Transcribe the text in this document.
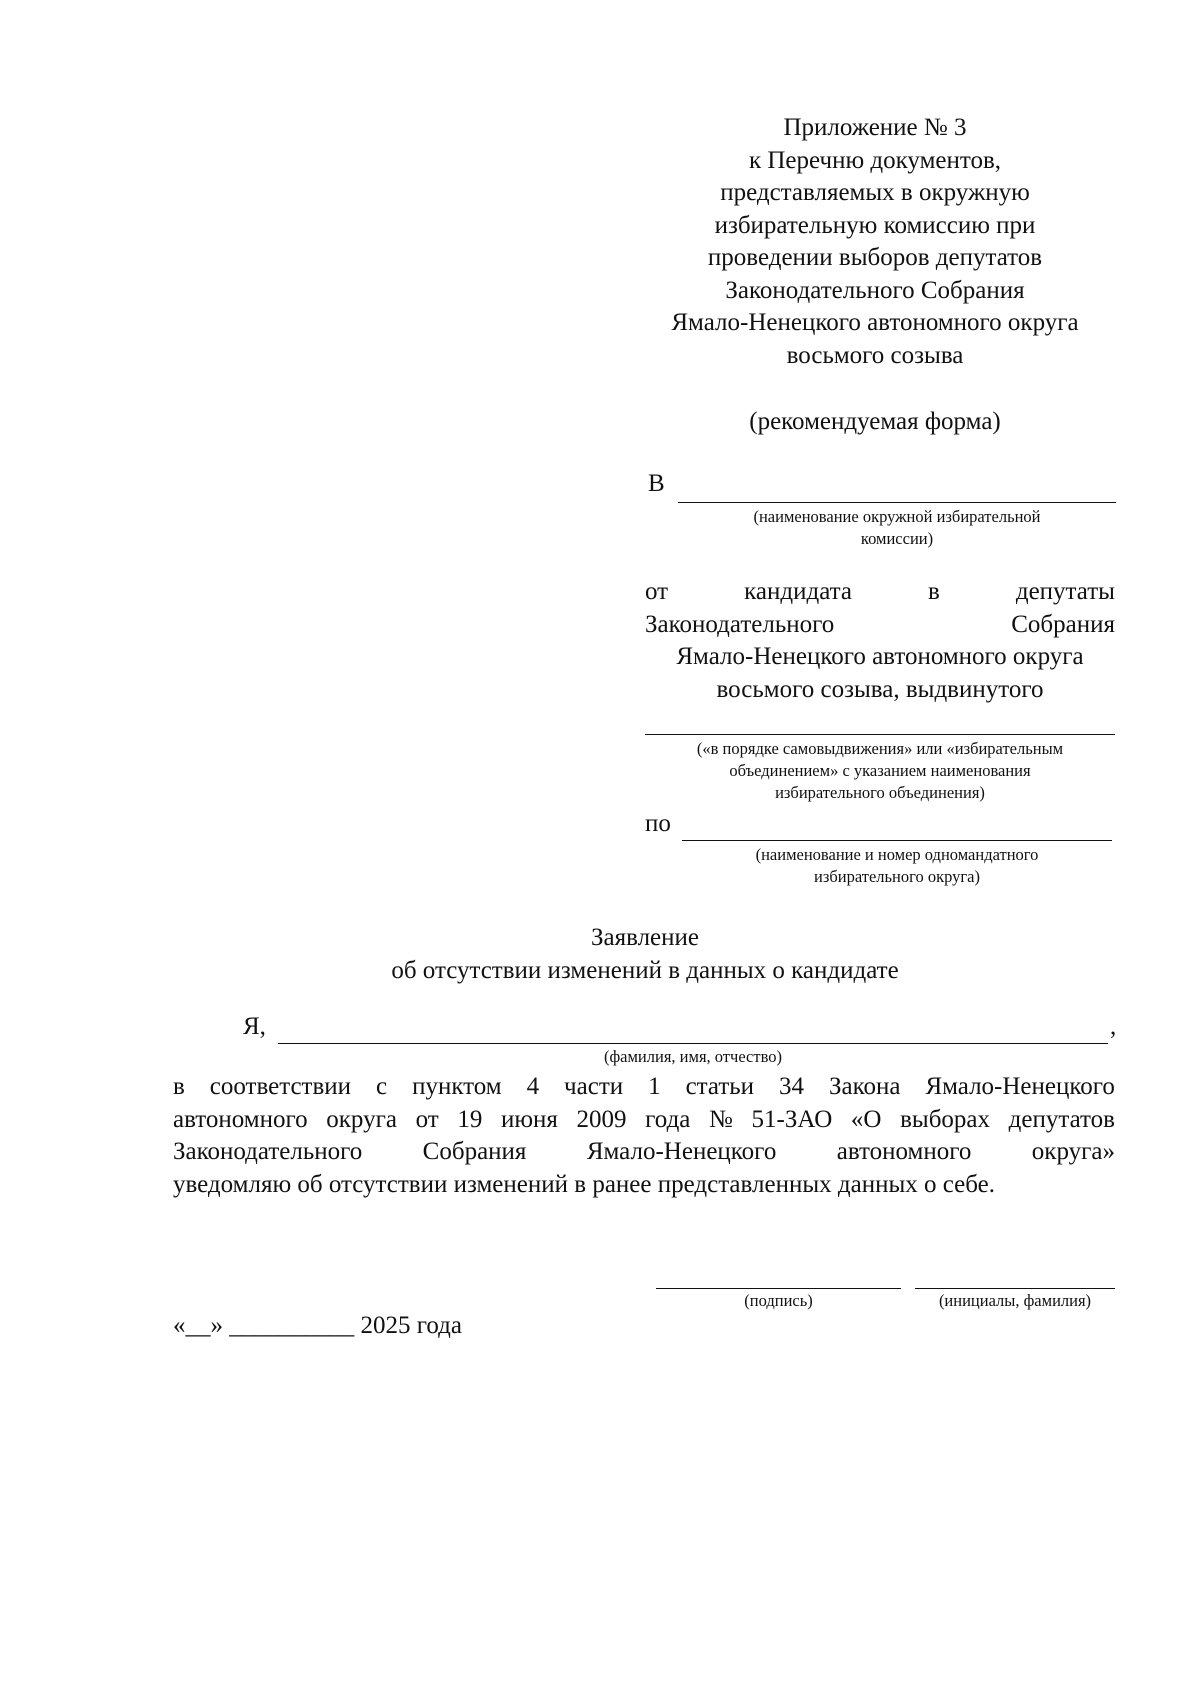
Приложение № 3
к Перечню документов,
представляемых в окружную
избирательную комиссию при
проведении выборов депутатов
Законодательного Собрания
Ямало-Ненецкого автономного округа
восьмого созыва
(рекомендуемая форма)
В
(наименование окружной избирательной
комиссии)
от	кандидата	в	депутаты
Законодательного	Собрания
Ямало-Ненецкого автономного округа
восьмого созыва, выдвинутого
(«в порядке самовыдвижения» или «избирательным
объединением» с указанием наименования
избирательного объединения)
по
(наименование и номер одномандатного
избирательного округа)
Заявление
об отсутствии изменений в данных о кандидате
Я,	,
(фамилия, имя, отчество)
в соответствии с пунктом 4 части 1 статьи 34 Закона Ямало-Ненецкого
автономного округа от 19 июня 2009 года № 51-ЗАО «О выборах депутатов
Законодательного Собрания Ямало-Ненецкого автономного округа»
уведомляю об отсутствии изменений в ранее представленных данных о себе.
(подпись)	(инициалы, фамилия)
«__» __________ 2025 года
